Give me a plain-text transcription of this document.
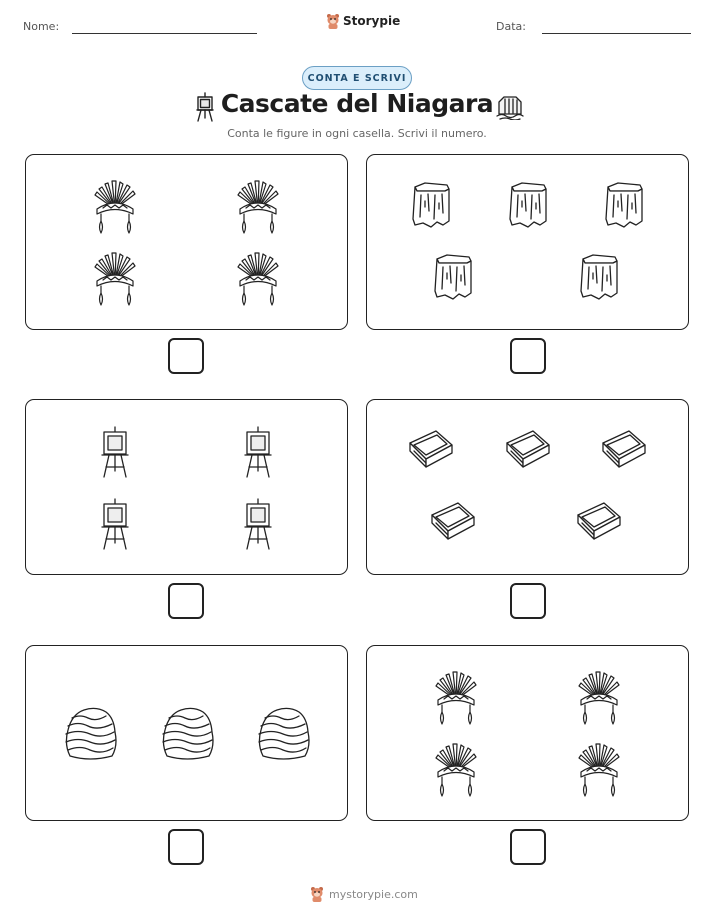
Nome:	Storypie	Data:
CONTA E SCRIVI
Cascate del Niagara
Conta le figure in ogni casella. Scrivi il numero.
mystorypie.com
